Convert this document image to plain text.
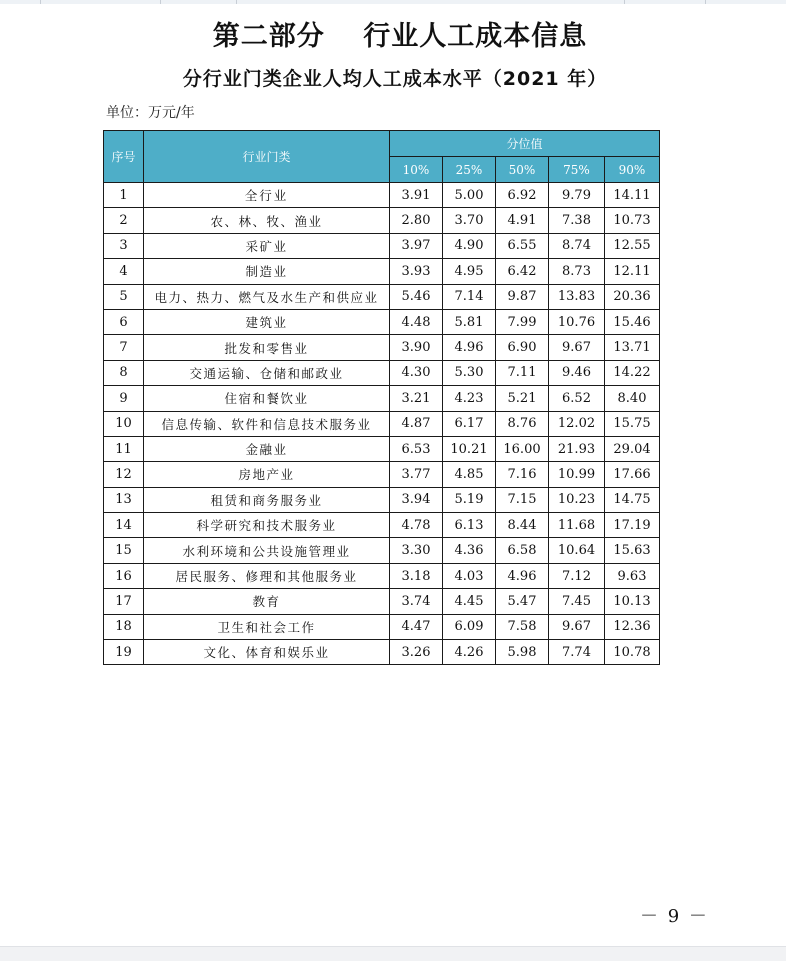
第二部分　 行业人工成本信息
分行业门类企业人均人工成本水平（2021 年）
单位：万元/年
序号	行业门类	分位值				
		10%	25%	50%	75%	90%
1	全行业	3.91	5.00	6.92	9.79	14.11
2	农、林、牧、渔业	2.80	3.70	4.91	7.38	10.73
3	采矿业	3.97	4.90	6.55	8.74	12.55
4	制造业	3.93	4.95	6.42	8.73	12.11
5	电力、热力、燃气及水生产和供应业	5.46	7.14	9.87	13.83	20.36
6	建筑业	4.48	5.81	7.99	10.76	15.46
7	批发和零售业	3.90	4.96	6.90	9.67	13.71
8	交通运输、仓储和邮政业	4.30	5.30	7.11	9.46	14.22
9	住宿和餐饮业	3.21	4.23	5.21	6.52	8.40
10	信息传输、软件和信息技术服务业	4.87	6.17	8.76	12.02	15.75
11	金融业	6.53	10.21	16.00	21.93	29.04
12	房地产业	3.77	4.85	7.16	10.99	17.66
13	租赁和商务服务业	3.94	5.19	7.15	10.23	14.75
14	科学研究和技术服务业	4.78	6.13	8.44	11.68	17.19
15	水利环境和公共设施管理业	3.30	4.36	6.58	10.64	15.63
16	居民服务、修理和其他服务业	3.18	4.03	4.96	7.12	9.63
17	教育	3.74	4.45	5.47	7.45	10.13
18	卫生和社会工作	4.47	6.09	7.58	9.67	12.36
19	文化、体育和娱乐业	3.26	4.26	5.98	7.74	10.78
－ 9 －
